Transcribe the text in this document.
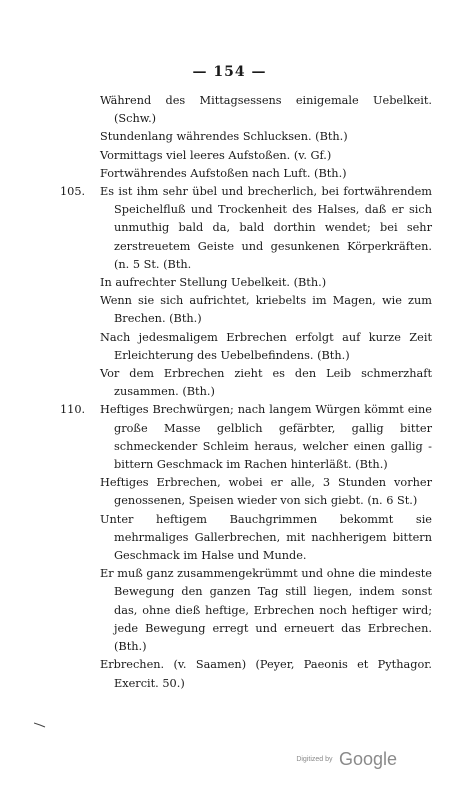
— 154 —
Während des Mittagsessens einigemale Uebelkeit. (Schw.)
Stundenlang währendes Schlucksen. (Bth.)
Vormittags viel leeres Aufstoßen. (v. Gf.)
Fortwährendes Aufstoßen nach Luft. (Bth.)
105. Es ist ihm sehr übel und brecherlich, bei fortwährendem Speichelfluß und Trockenheit des Halses, daß er sich unmuthig bald da, bald dorthin wendet; bei sehr zerstreuetem Geiste und gesunkenen Körperkräften. (n. 5 St. (Bth.
In aufrechter Stellung Uebelkeit. (Bth.)
Wenn sie sich aufrichtet, kriebelts im Magen, wie zum Brechen. (Bth.)
Nach jedesmaligem Erbrechen erfolgt auf kurze Zeit Erleichterung des Uebelbefindens. (Bth.)
Vor dem Erbrechen zieht es den Leib schmerzhaft zusammen. (Bth.)
110. Heftiges Brechwürgen; nach langem Würgen kömmt eine große Masse gelblich gefärbter, gallig bitter schmeckender Schleim heraus, welcher einen gallig - bittern Geschmack im Rachen hinterläßt. (Bth.)
Heftiges Erbrechen, wobei er alle, 3 Stunden vorher genossenen, Speisen wieder von sich giebt. (n. 6 St.)
Unter heftigem Bauchgrimmen bekommt sie mehrmaliges Gallerbrechen, mit nachherigem bittern Geschmack im Halse und Munde.
Er muß ganz zusammengekrümmt und ohne die mindeste Bewegung den ganzen Tag still liegen, indem sonst das, ohne dieß heftige, Erbrechen noch heftiger wird; jede Bewegung erregt und erneuert das Erbrechen. (Bth.)
Erbrechen. (v. Saamen) (Peyer, Paeonis et Pythagor. Exercit. 50.)
Digitized by Google
